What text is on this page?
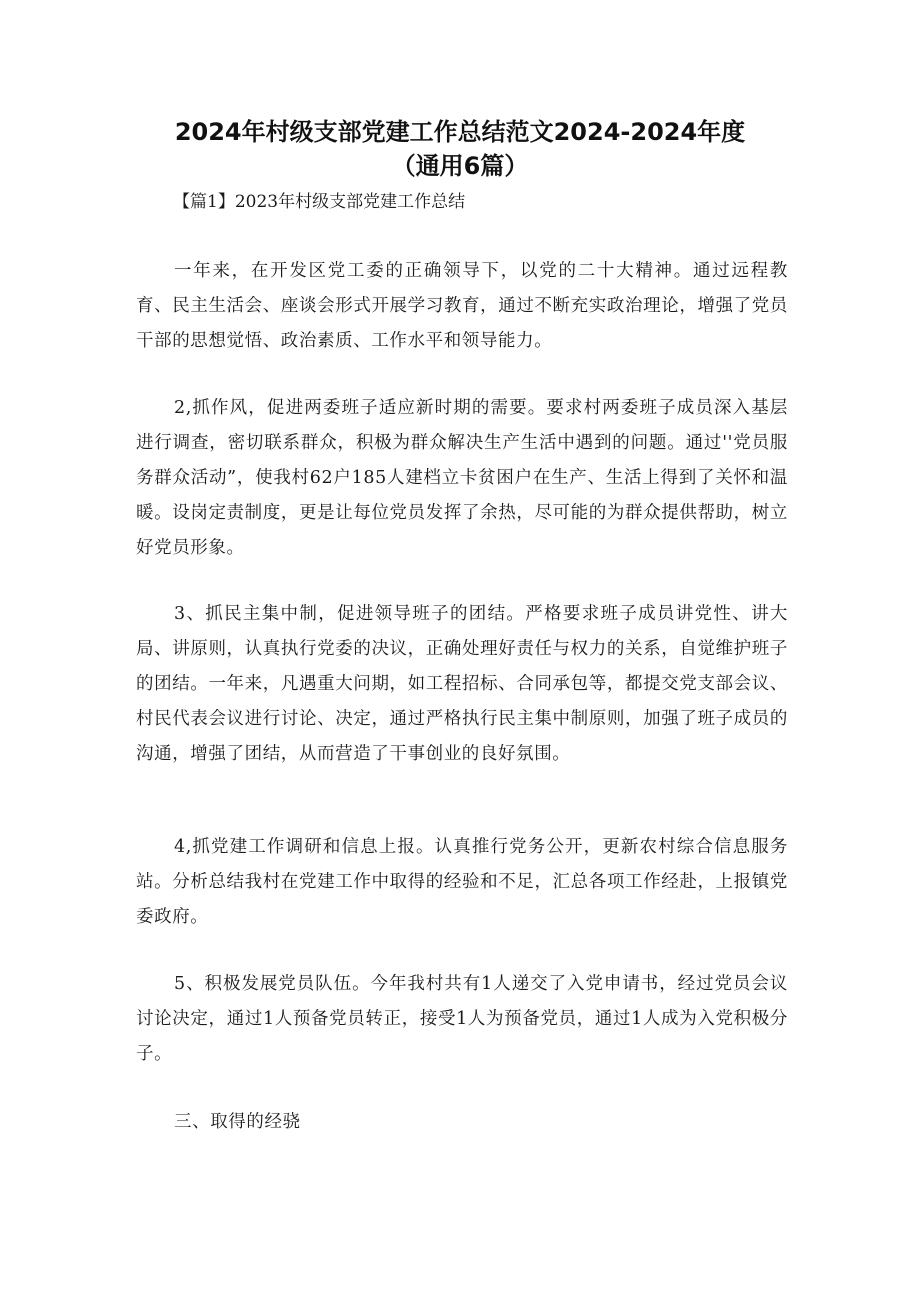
2024年村级支部党建工作总结范文2024-2024年度
（通用6篇）
【篇1】2023年村级支部党建工作总结

一年来，在开发区党工委的正确领导下，以党的二十大精神。通过远程教育、民主生活会、座谈会形式开展学习教育，通过不断充实政治理论，增强了党员干部的思想觉悟、政治素质、工作水平和领导能力。

2,抓作风，促进两委班子适应新时期的需要。要求村两委班子成员深入基层进行调查，密切联系群众，积极为群众解决生产生活中遇到的问题。通过''党员服务群众活动”，使我村62户185人建档立卡贫困户在生产、生活上得到了关怀和温暖。设岗定责制度，更是让每位党员发挥了余热，尽可能的为群众提供帮助，树立好党员形象。

3、抓民主集中制，促进领导班子的团结。严格要求班子成员讲党性、讲大局、讲原则，认真执行党委的决议，正确处理好责任与权力的关系，自觉维护班子的团结。一年来，凡遇重大问期，如工程招标、合同承包等，都提交党支部会议、村民代表会议进行讨论、决定，通过严格执行民主集中制原则，加强了班子成员的沟通，增强了团结，从而营造了干事创业的良好氛围。

4,抓党建工作调研和信息上报。认真推行党务公开，更新农村综合信息服务站。分析总结我村在党建工作中取得的经验和不足，汇总各项工作经赴，上报镇党委政府。

5、积极发展党员队伍。今年我村共有1人递交了入党申请书，经过党员会议讨论决定，通过1人预备党员转正，接受1人为预备党员，通过1人成为入党积极分子。

三、取得的经骁
